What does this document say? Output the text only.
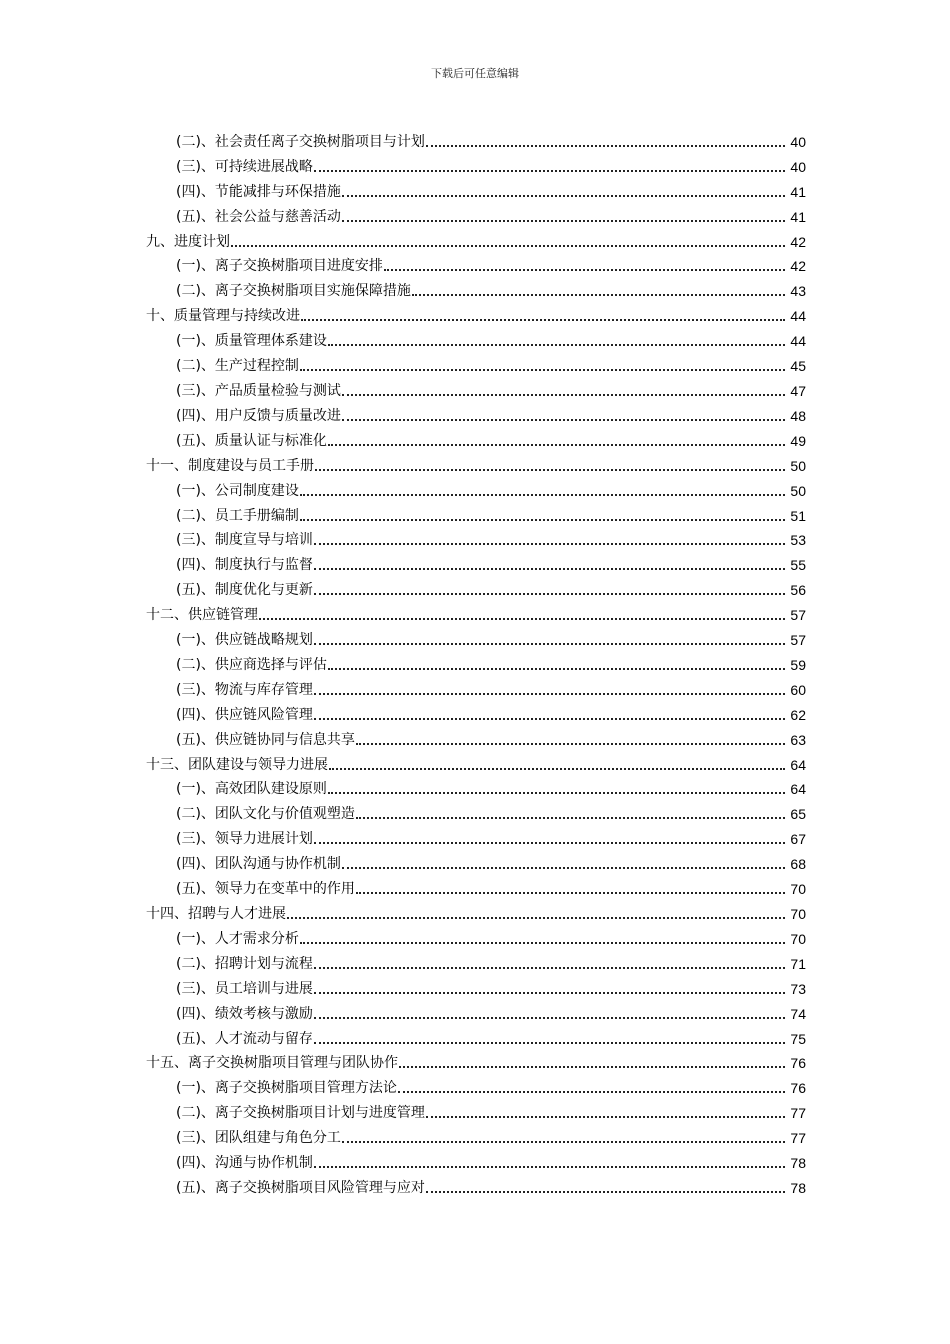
下载后可任意编辑
(二)、社会责任离子交换树脂项目与计划	40
(三)、可持续进展战略	40
(四)、节能减排与环保措施	41
(五)、社会公益与慈善活动	41
九、进度计划	42
(一)、离子交换树脂项目进度安排	42
(二)、离子交换树脂项目实施保障措施	43
十、质量管理与持续改进	44
(一)、质量管理体系建设	44
(二)、生产过程控制	45
(三)、产品质量检验与测试	47
(四)、用户反馈与质量改进	48
(五)、质量认证与标准化	49
十一、制度建设与员工手册	50
(一)、公司制度建设	50
(二)、员工手册编制	51
(三)、制度宣导与培训	53
(四)、制度执行与监督	55
(五)、制度优化与更新	56
十二、供应链管理	57
(一)、供应链战略规划	57
(二)、供应商选择与评估	59
(三)、物流与库存管理	60
(四)、供应链风险管理	62
(五)、供应链协同与信息共享	63
十三、团队建设与领导力进展	64
(一)、高效团队建设原则	64
(二)、团队文化与价值观塑造	65
(三)、领导力进展计划	67
(四)、团队沟通与协作机制	68
(五)、领导力在变革中的作用	70
十四、招聘与人才进展	70
(一)、人才需求分析	70
(二)、招聘计划与流程	71
(三)、员工培训与进展	73
(四)、绩效考核与激励	74
(五)、人才流动与留存	75
十五、离子交换树脂项目管理与团队协作	76
(一)、离子交换树脂项目管理方法论	76
(二)、离子交换树脂项目计划与进度管理	77
(三)、团队组建与角色分工	77
(四)、沟通与协作机制	78
(五)、离子交换树脂项目风险管理与应对	78
